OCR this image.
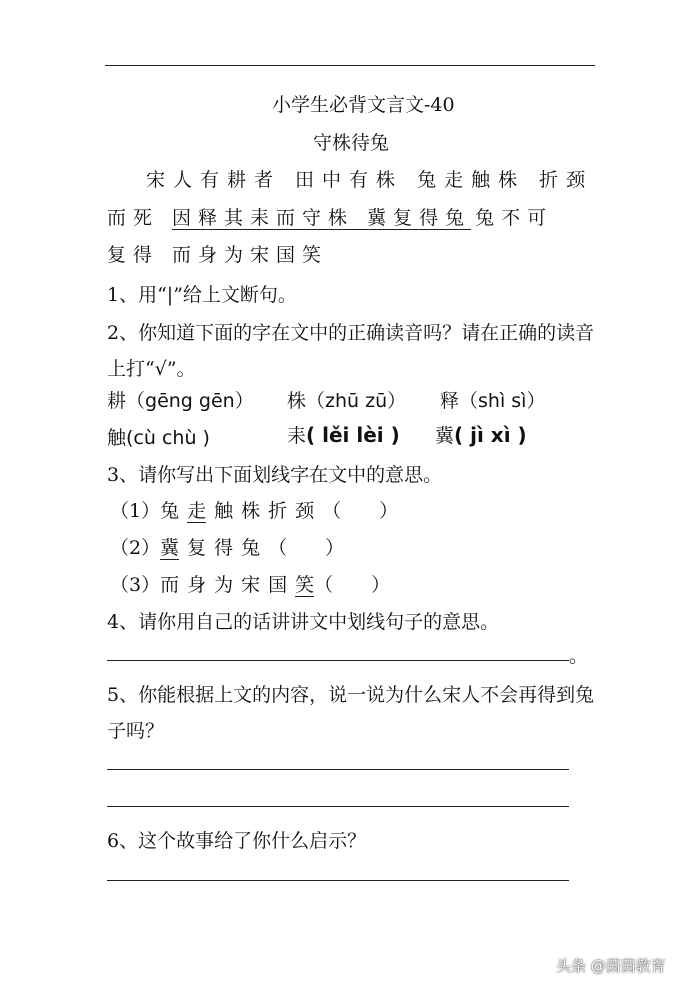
小学生必背文言文-40
守株待兔
宋人有耕者 田中有株 兔走触株 折颈
而死 因释其耒而守株 冀复得兔 兔不可
复得 而身为宋国笑
1、用“|”给上文断句。
2、你知道下面的字在文中的正确读音吗？请在正确的读音
上打“√”。
耕（gēng gēn） 株（zhū zū） 释（shì sì）
触(cù chù )	耒( lěi lèi ) 冀( jì xì )
3、请你写出下面划线字在文中的意思。
（1）兔走 触株折颈（　　）
（2）冀 复得兔（　　）
（3）而身为宋国笑（　　）
4、请你用自己的话讲讲文中划线句子的意思。
。
5、你能根据上文的内容，说一说为什么宋人不会再得到兔
子吗？
6、这个故事给了你什么启示？
头条 @茵茵教育
